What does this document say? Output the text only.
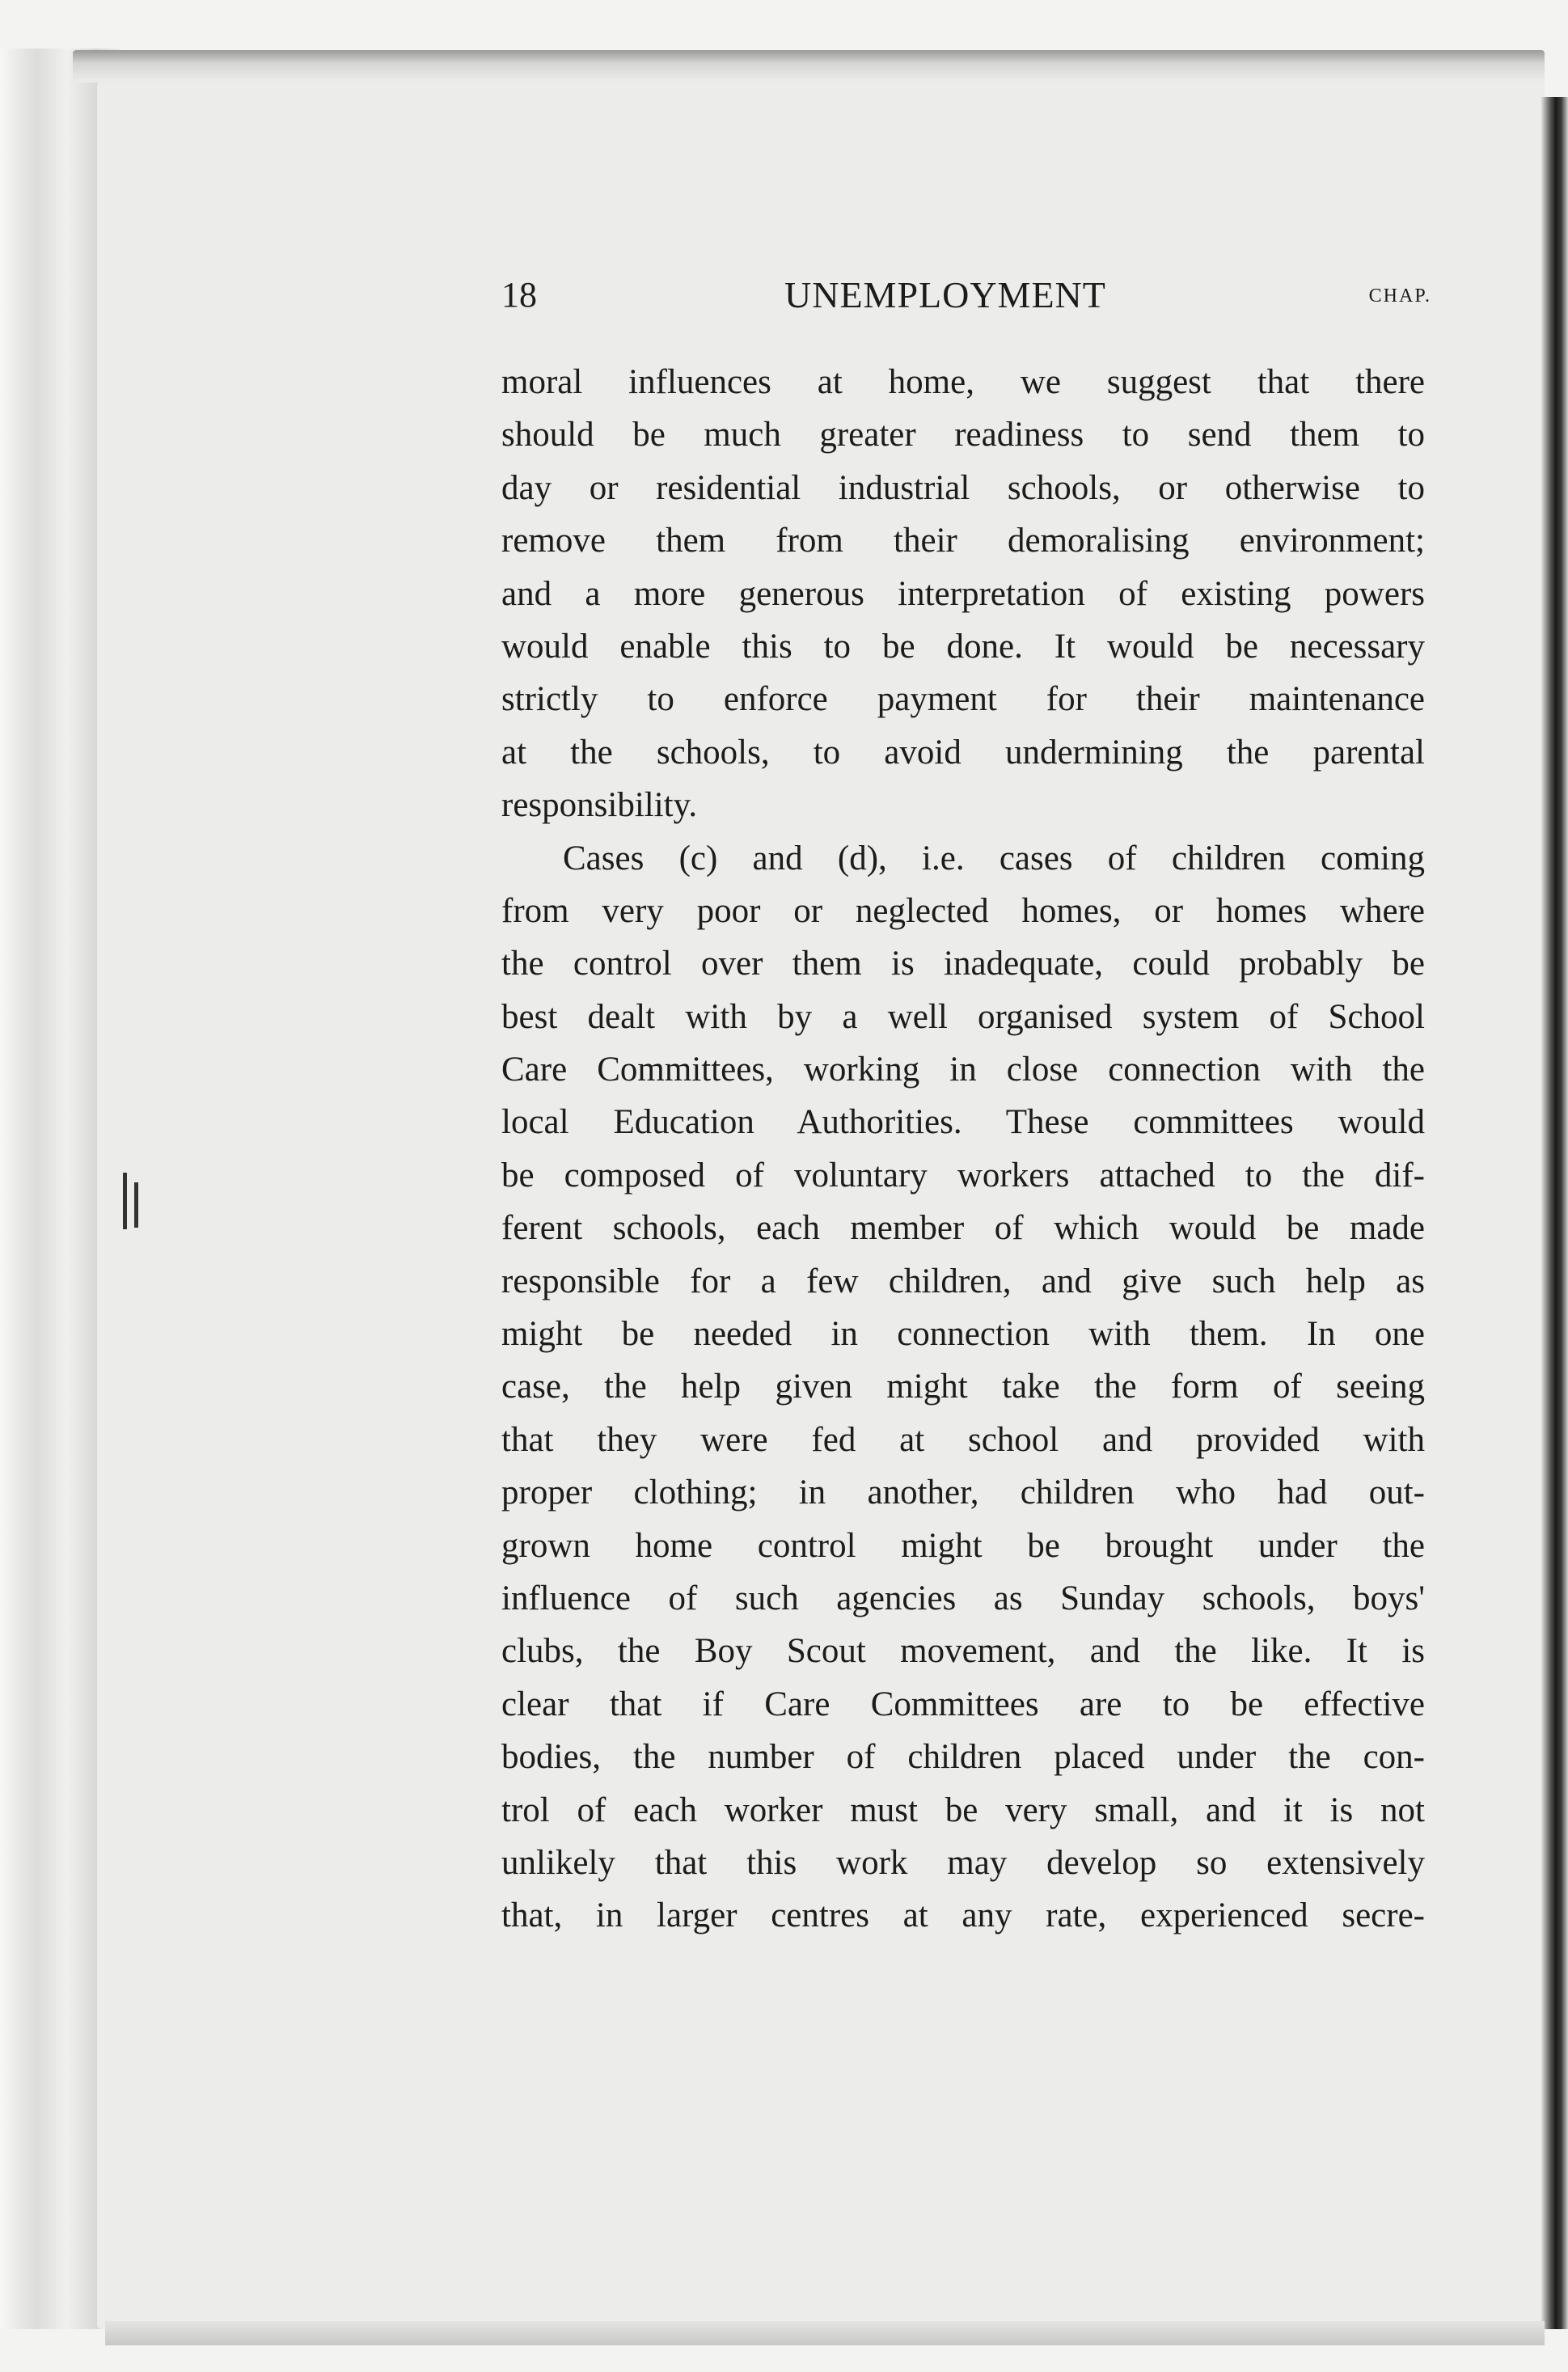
18	UNEMPLOYMENT	CHAP.
moral influences at home, we suggest that there
should be much greater readiness to send them to
day or residential industrial schools, or otherwise to
remove them from their demoralising environment;
and a more generous interpretation of existing powers
would enable this to be done. It would be necessary
strictly to enforce payment for their maintenance
at the schools, to avoid undermining the parental
responsibility.
Cases (c) and (d), i.e. cases of children coming
from very poor or neglected homes, or homes where
the control over them is inadequate, could probably be
best dealt with by a well organised system of School
Care Committees, working in close connection with the
local Education Authorities. These committees would
be composed of voluntary workers attached to the dif-
ferent schools, each member of which would be made
responsible for a few children, and give such help as
might be needed in connection with them. In one
case, the help given might take the form of seeing
that they were fed at school and provided with
proper clothing; in another, children who had out-
grown home control might be brought under the
influence of such agencies as Sunday schools, boys'
clubs, the Boy Scout movement, and the like. It is
clear that if Care Committees are to be effective
bodies, the number of children placed under the con-
trol of each worker must be very small, and it is not
unlikely that this work may develop so extensively
that, in larger centres at any rate, experienced secre-
